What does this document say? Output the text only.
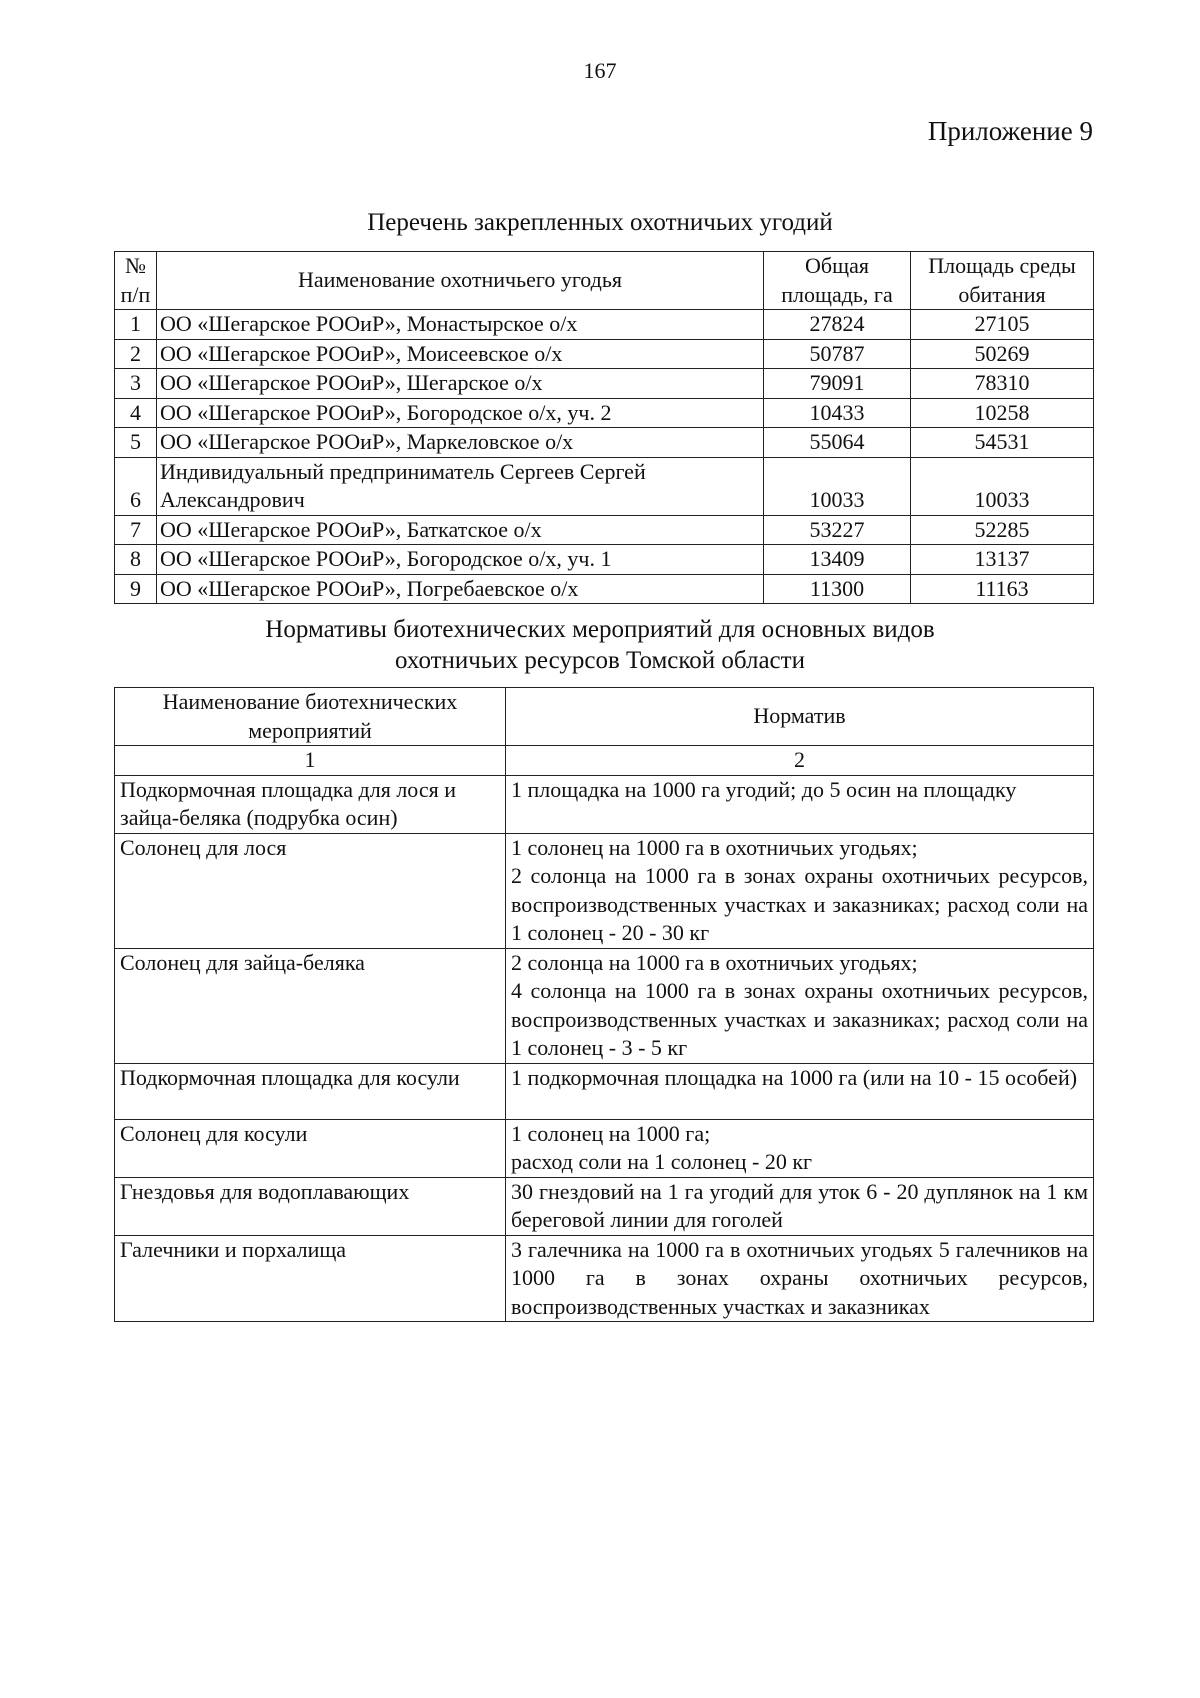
167
Приложение 9
Перечень закрепленных охотничьих угодий
№ п/п	Наименование охотничьего угодья	Общая площадь, га	Площадь среды обитания
1	ОО «Шегарское РООиР», Монастырское о/х	27824	27105
2	ОО «Шегарское РООиР», Моисеевское о/х	50787	50269
3	ОО «Шегарское РООиР», Шегарское о/х	79091	78310
4	ОО «Шегарское РООиР», Богородское о/х, уч. 2	10433	10258
5	ОО «Шегарское РООиР», Маркеловское о/х	55064	54531
6	Индивидуальный предприниматель Сергеев Сергей Александрович	10033	10033
7	ОО «Шегарское РООиР», Баткатское о/х	53227	52285
8	ОО «Шегарское РООиР», Богородское о/х, уч. 1	13409	13137
9	ОО «Шегарское РООиР», Погребаевское о/х	11300	11163
Нормативы биотехнических мероприятий для основных видов
охотничьих ресурсов Томской области
Наименование биотехнических мероприятий	Норматив
1	2
Подкормочная площадка для лося и зайца-беляка (подрубка осин)	1 площадка на 1000 га угодий; до 5 осин на площадку

Солонец для лося	1 солонец на 1000 га в охотничьих угодьях;
2 солонца на 1000 га в зонах охраны охотничьих ресурсов, воспроизводственных участках и заказниках; расход соли на 1 солонец - 20 - 30 кг

Солонец для зайца-беляка	2 солонца на 1000 га в охотничьих угодьях;
4 солонца на 1000 га в зонах охраны охотничьих ресурсов, воспроизводственных участках и заказниках; расход соли на 1 солонец - 3 - 5 кг

Подкормочная площадка для косули	1 подкормочная площадка на 1000 га (или на 10 - 15 особей)

Солонец для косули	1 солонец на 1000 га;
расход соли на 1 солонец - 20 кг

Гнездовья для водоплавающих	30 гнездовий на 1 га угодий для уток 6 - 20 дуплянок на 1 км береговой линии для гоголей

Галечники и порхалища	3 галечника на 1000 га в охотничьих угодьях 5 галечников на 1000 га в зонах охраны охотничьих ресурсов, воспроизводственных участках и заказниках
